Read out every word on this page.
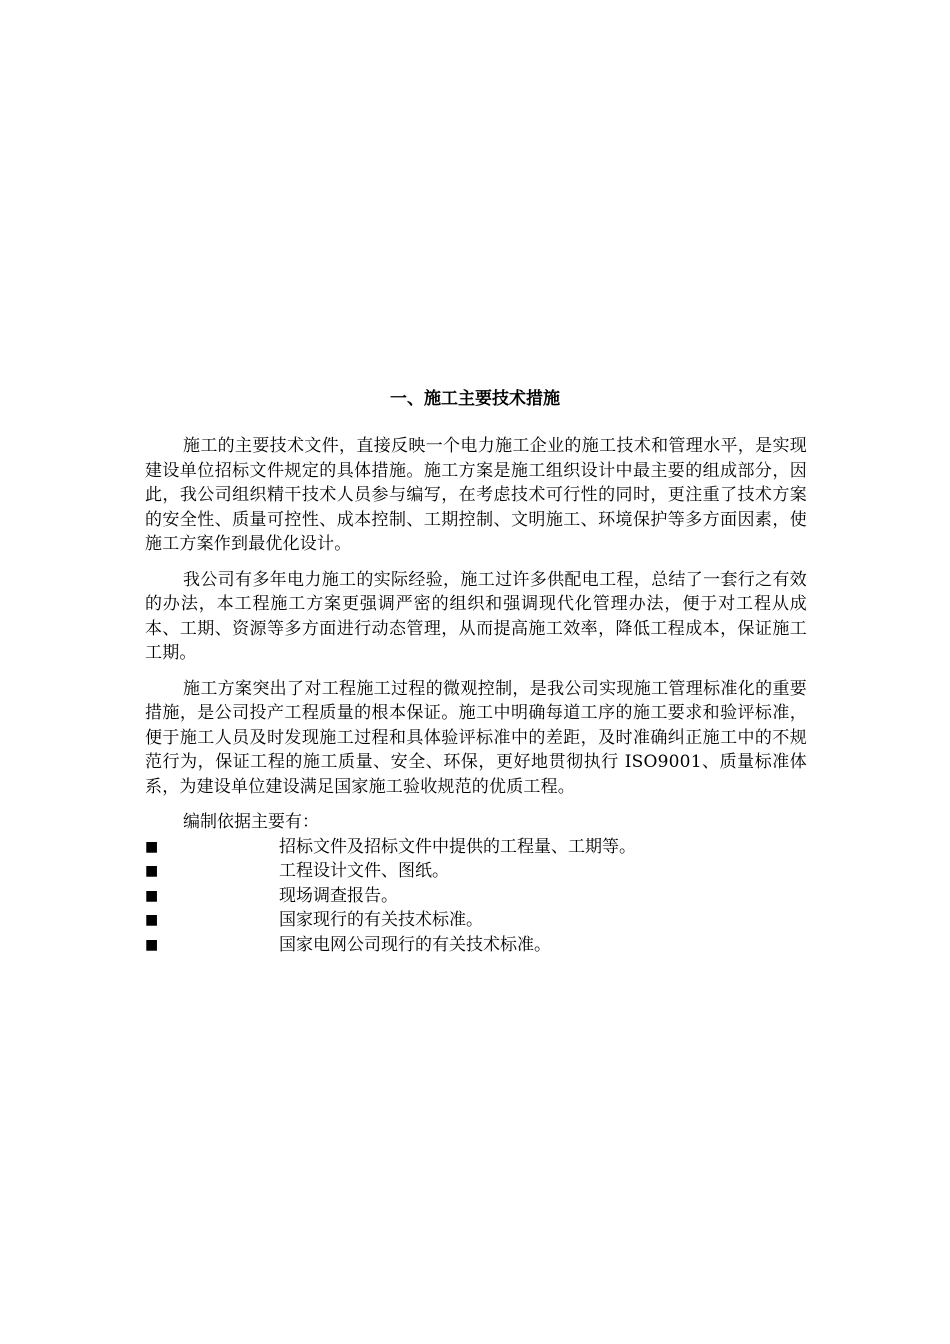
一、施工主要技术措施

施工的主要技术文件，直接反映一个电力施工企业的施工技术和管理水平，是实现建设单位招标文件规定的具体措施。施工方案是施工组织设计中最主要的组成部分，因此，我公司组织精干技术人员参与编写，在考虑技术可行性的同时，更注重了技术方案的安全性、质量可控性、成本控制、工期控制、文明施工、环境保护等多方面因素，使施工方案作到最优化设计。

我公司有多年电力施工的实际经验，施工过许多供配电工程，总结了一套行之有效的办法，本工程施工方案更强调严密的组织和强调现代化管理办法，便于对工程从成本、工期、资源等多方面进行动态管理，从而提高施工效率，降低工程成本，保证施工工期。

施工方案突出了对工程施工过程的微观控制，是我公司实现施工管理标准化的重要措施，是公司投产工程质量的根本保证。施工中明确每道工序的施工要求和验评标准，便于施工人员及时发现施工过程和具体验评标准中的差距，及时准确纠正施工中的不规范行为，保证工程的施工质量、安全、环保，更好地贯彻执行 ISO9001、质量标准体系，为建设单位建设满足国家施工验收规范的优质工程。

编制依据主要有：

■	招标文件及招标文件中提供的工程量、工期等。
■	工程设计文件、图纸。
■	现场调查报告。
■	国家现行的有关技术标准。
■	国家电网公司现行的有关技术标准。
